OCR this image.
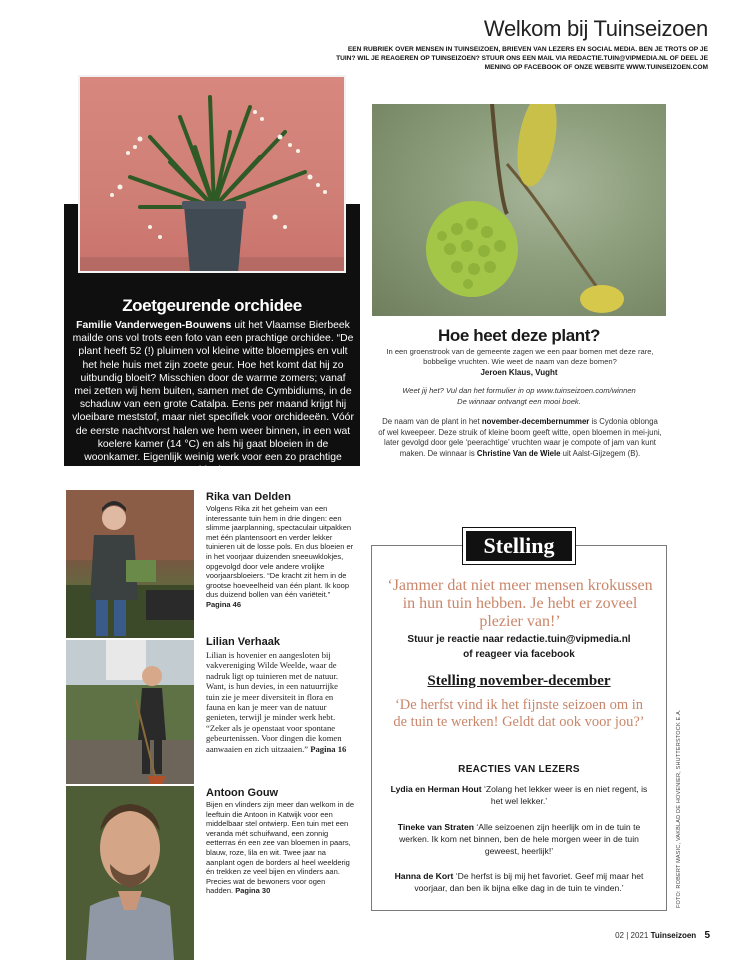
Welkom bij Tuinseizoen
EEN RUBRIEK OVER MENSEN IN TUINSEIZOEN, BRIEVEN VAN LEZERS EN SOCIAL MEDIA. BEN JE TROTS OP JE TUIN? WIL JE REAGEREN OP TUINSEIZOEN? STUUR ONS EEN MAIL VIA REDACTIE.TUIN@VIPMEDIA.NL OF DEEL JE MENING OP FACEBOOK OF ONZE WEBSITE WWW.TUINSEIZOEN.COM
Zoetgeurende orchidee
Familie Vanderwegen-Bouwens uit het Vlaamse Bierbeek mailde ons vol trots een foto van een prachtige orchidee. “De plant heeft 52 (!) pluimen vol kleine witte bloempjes en vult het hele huis met zijn zoete geur. Hoe het komt dat hij zo uitbundig bloeit? Misschien door de warme zomers; vanaf mei zetten wij hem buiten, samen met de Cymbidiums, in de schaduw van een grote Catalpa. Eens per maand krijgt hij vloeibare meststof, maar niet specifiek voor orchideeën. Vóór de eerste nachtvorst halen we hem weer binnen, in een wat koelere kamer (14 °C) en als hij gaat bloeien in de woonkamer. Eigenlijk weinig werk voor een zo prachtige bloei!”
Hoe heet deze plant?
In een groenstrook van de gemeente zagen we een paar bomen met deze rare, bobbelige vruchten. Wie weet de naam van deze bomen?
Jeroen Klaus, Vught
Weet jij het? Vul dan het formulier in op www.tuinseizoen.com/winnen
De winnaar ontvangt een mooi boek.
De naam van de plant in het november-decembernummer is Cydonia oblonga of wel kweepeer. Deze struik of kleine boom geeft witte, open bloemen in mei-juni, later gevolgd door gele ‘peerachtige’ vruchten waar je compote of jam van kunt maken. De winnaar is Christine Van de Wiele uit Aalst-Gijzegem (B).
Rika van Delden
Volgens Rika zit het geheim van een interessante tuin hem in drie dingen: een slimme jaarplanning, spectaculair uitpakken met één plantensoort en verder lekker tuinieren uit de losse pols. En dus bloeien er in het voorjaar duizenden sneeuwklokjes, opgevolgd door vele andere vrolijke voorjaarsbloeiers. “De kracht zit hem in de grootse hoeveelheid van één plant. Ik koop dus duizend bollen van één variëteit.” Pagina 46
Lilian Verhaak
Lilian is hovenier en aangesloten bij vakvereniging Wilde Weelde, waar de nadruk ligt op tuinieren met de natuur. Want, is hun devies, in een natuurrijke tuin zie je meer diversiteit in flora en fauna en kan je meer van de natuur genieten, terwijl je minder werk hebt. “Zeker als je openstaat voor spontane gebeurtenissen. Voor dingen die komen aanwaaien en zich uitzaaien.” Pagina 16
Antoon Gouw
Bijen en vlinders zijn meer dan welkom in de leeftuin die Antoon in Katwijk voor een middelbaar stel ontwierp. Een tuin met een veranda mét schuifwand, een zonnig eetterras én een zee van bloemen in paars, blauw, roze, lila en wit. Twee jaar na aanplant ogen de borders al heel weelderig én trekken ze veel bijen en vlinders aan. Precies wat de bewoners voor ogen hadden. Pagina 30
Stelling
‘Jammer dat niet meer mensen krokussen in hun tuin hebben. Je hebt er zoveel plezier van!’
Stuur je reactie naar redactie.tuin@vipmedia.nl
of reageer via facebook
Stelling november-december
‘De herfst vind ik het fijnste seizoen om in de tuin te werken! Geldt dat ook voor jou?’
REACTIES VAN LEZERS
Lydia en Herman Hout ‘Zolang het lekker weer is en niet regent, is het wel lekker.’
Tineke van Straten ‘Alle seizoenen zijn heerlijk om in de tuin te werken. Ik kom net binnen, ben de hele morgen weer in de tuin geweest, heerlijk!’
Hanna de Kort ‘De herfst is bij mij het favoriet. Geef mij maar het voorjaar, dan ben ik bijna elke dag in de tuin te vinden.’	FOTO: ROBERT MASIC, VAKBLAD DE HOVENIER, SHUTTERSTOCK E.A.
02 | 2021 Tuinseizoen 5
